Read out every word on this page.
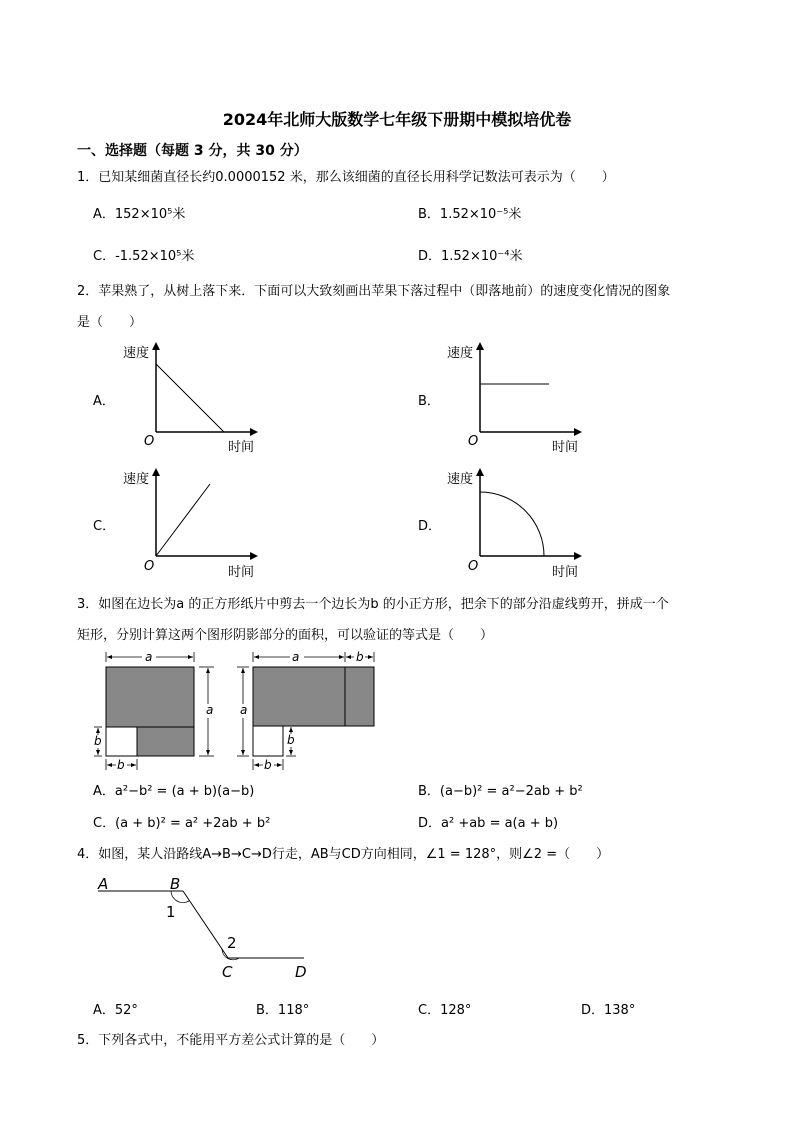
2024年北师大版数学七年级下册期中模拟培优卷
一、选择题（每题 3 分，共 30 分）
1．已知某细菌直径长约0.0000152 米，那么该细菌的直径长用科学记数法可表示为（　　）
A．152×10⁵米	B．1.52×10⁻⁵米
C．-1.52×10⁵米	D．1.52×10⁻⁴米
2．苹果熟了，从树上落下来．下面可以大致刻画出苹果下落过程中（即落地前）的速度变化情况的图象
是（　　）
A．	B．
C．	D．
速度
O	时间
速度
O	时间
速度
O	时间
速度
O	时间
3．如图在边长为a 的正方形纸片中剪去一个边长为b 的小正方形，把余下的部分沿虚线剪开，拼成一个
矩形，分别计算这两个图形阴影部分的面积，可以验证的等式是（　　）
a
a
b
b
a	b
a
b
b
A．a²−b² = (a + b)(a−b)	B．(a−b)² = a²−2ab + b²
C．(a + b)² = a² +2ab + b²	D．a² +ab = a(a + b)
4．如图，某人沿路线A→B→C→D行走，AB与CD方向相同，∠1 = 128°，则∠2 =（　　）
A	B
1
2
C	D
A．52°	B．118°	C．128°	D．138°
5．下列各式中，不能用平方差公式计算的是（　　）
